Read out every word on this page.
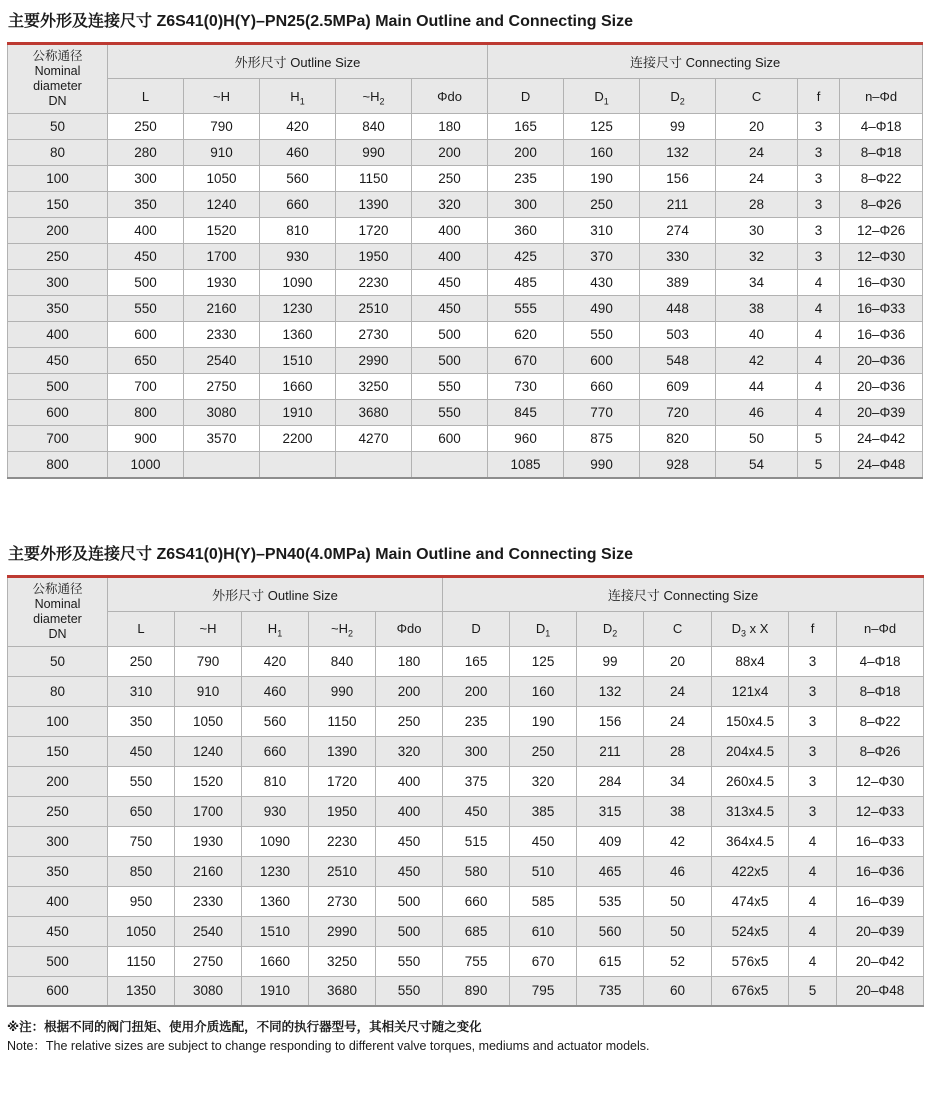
主要外形及连接尺寸 Z6S41(0)H(Y)–PN25(2.5MPa) Main Outline and Connecting Size
公称通径
Nominal
diameter
DN	外形尺寸 Outline Size					连接尺寸 Connecting Size					
	L	~H	$H_1$	$\sim H_2$	Φdo	D	$D_1$	$D_2$	C	f	n–Φd
50	250	790	420	840	180	165	125	99	20	3	4–Φ18
80	280	910	460	990	200	200	160	132	24	3	8–Φ18
100	300	1050	560	1150	250	235	190	156	24	3	8–Φ22
150	350	1240	660	1390	320	300	250	211	28	3	8–Φ26
200	400	1520	810	1720	400	360	310	274	30	3	12–Φ26
250	450	1700	930	1950	400	425	370	330	32	3	12–Φ30
300	500	1930	1090	2230	450	485	430	389	34	4	16–Φ30
350	550	2160	1230	2510	450	555	490	448	38	4	16–Φ33
400	600	2330	1360	2730	500	620	550	503	40	4	16–Φ36
450	650	2540	1510	2990	500	670	600	548	42	4	20–Φ36
500	700	2750	1660	3250	550	730	660	609	44	4	20–Φ36
600	800	3080	1910	3680	550	845	770	720	46	4	20–Φ39
700	900	3570	2200	4270	600	960	875	820	50	5	24–Φ42
800	1000					1085	990	928	54	5	24–Φ48
主要外形及连接尺寸 Z6S41(0)H(Y)–PN40(4.0MPa) Main Outline and Connecting Size
公称通径
Nominal
diameter
DN	外形尺寸 Outline Size					连接尺寸 Connecting Size						
	L	~H	$H_1$	$\sim H_2$	Φdo	D	$D_1$	$D_2$	C	$D_3$ x X	f	n–Φd
50	250	790	420	840	180	165	125	99	20	88x4	3	4–Φ18
80	310	910	460	990	200	200	160	132	24	121x4	3	8–Φ18
100	350	1050	560	1150	250	235	190	156	24	150x4.5	3	8–Φ22
150	450	1240	660	1390	320	300	250	211	28	204x4.5	3	8–Φ26
200	550	1520	810	1720	400	375	320	284	34	260x4.5	3	12–Φ30
250	650	1700	930	1950	400	450	385	315	38	313x4.5	3	12–Φ33
300	750	1930	1090	2230	450	515	450	409	42	364x4.5	4	16–Φ33
350	850	2160	1230	2510	450	580	510	465	46	422x5	4	16–Φ36
400	950	2330	1360	2730	500	660	585	535	50	474x5	4	16–Φ39
450	1050	2540	1510	2990	500	685	610	560	50	524x5	4	20–Φ39
500	1150	2750	1660	3250	550	755	670	615	52	576x5	4	20–Φ42
600	1350	3080	1910	3680	550	890	795	735	60	676x5	5	20–Φ48

※注：根据不同的阀门扭矩、使用介质选配，不同的执行器型号，其相关尺寸随之变化

Note：The relative sizes are subject to change responding to different valve torques, mediums and actuator models.
